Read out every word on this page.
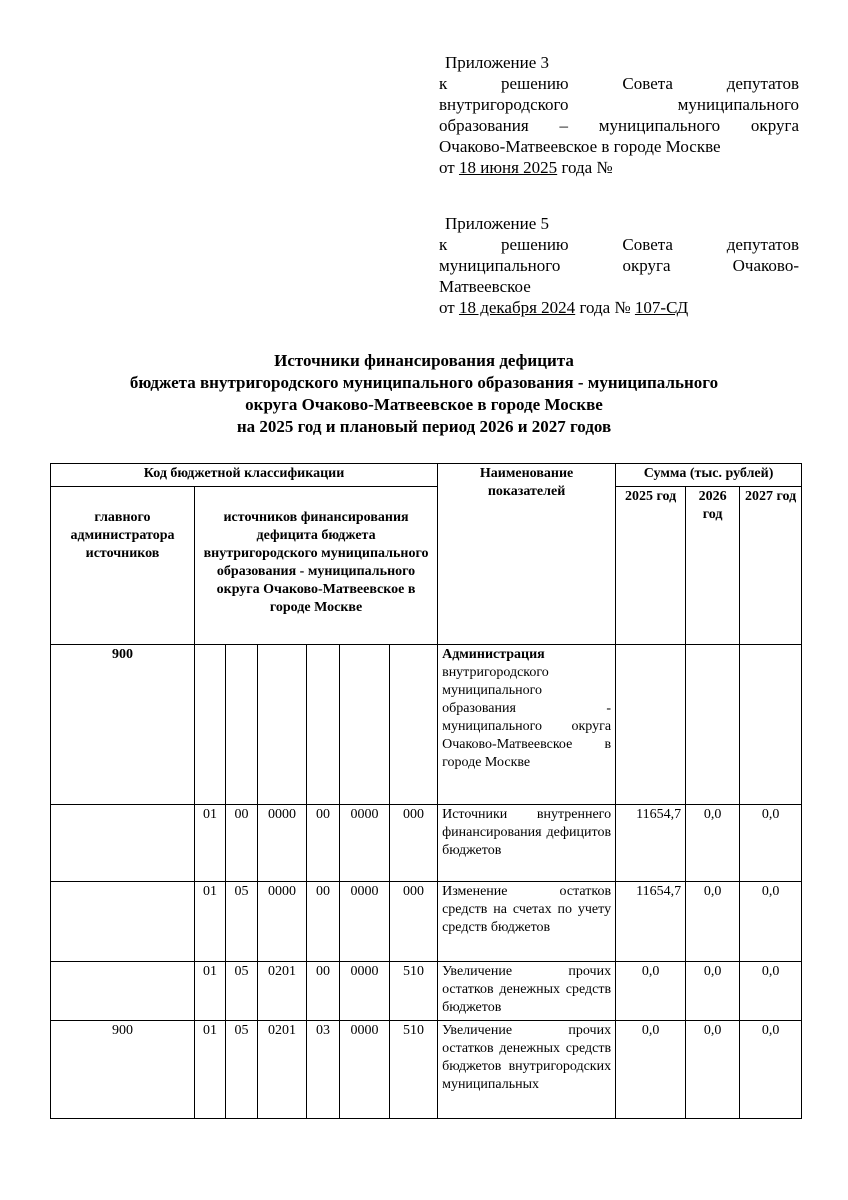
Приложение 3
к решению Совета депутатов
внутригородского муниципального
образования – муниципального округа
Очаково-Матвеевское в городе Москве
от 18 июня 2025 года №
Приложение 5
к решению Совета депутатов
муниципального округа Очаково-
Матвеевское
от 18 декабря 2024 года № 107-СД
Источники финансирования дефицита
бюджета внутригородского муниципального образования - муниципального
округа Очаково-Матвеевское в городе Москве
на 2025 год и плановый период 2026 и 2027 годов
Код бюджетной классификации							Наименование показателей	Сумма (тыс. рублей)		
главного администратора источников	источников финансирования дефицита бюджета внутригородского муниципального образования - муниципального округа Очаково-Матвеевское в городе Москве							2025 год	2026 год	2027 год

900							Администрация внутригородского муниципального образования - муниципального округа Очаково-Матвеевское в городе Москве			
	01	00	0000	00	0000	000	Источники внутреннего финансирования дефицитов бюджетов	11654,7	0,0	0,0
	01	05	0000	00	0000	000	Изменение остатков средств на счетах по учету средств бюджетов	11654,7	0,0	0,0
	01	05	0201	00	0000	510	Увеличение прочих остатков денежных средств бюджетов	0,0	0,0	0,0
900	01	05	0201	03	0000	510	Увеличение прочих остатков денежных средств бюджетов внутригородских муниципальных	0,0	0,0	0,0
